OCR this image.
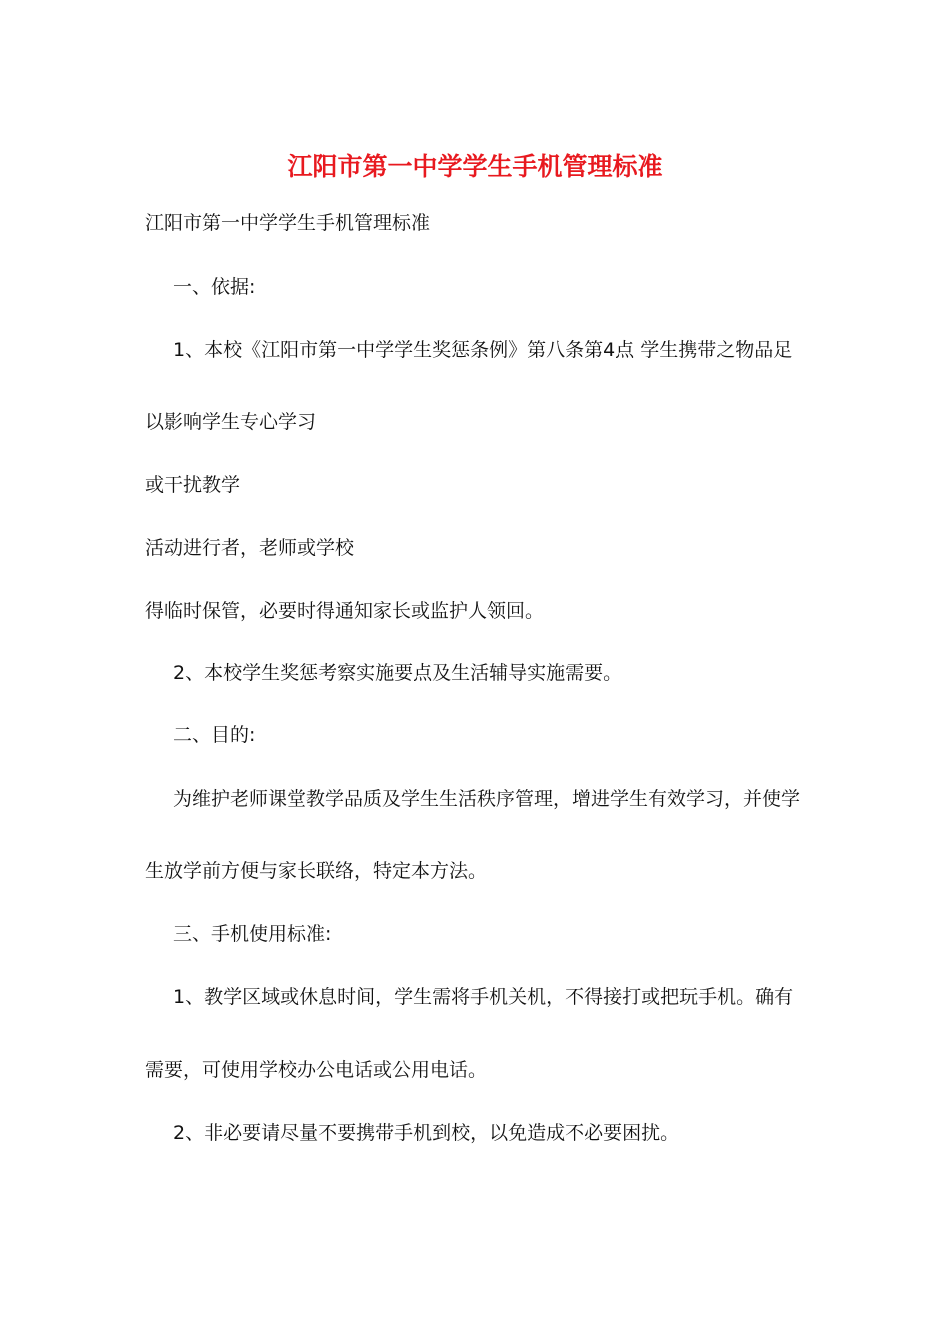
江阳市第一中学学生手机管理标准
江阳市第一中学学生手机管理标准
一、依据:
1、本校《江阳市第一中学学生奖惩条例》第八条第4点 学生携带之物品足
以影响学生专心学习
或干扰教学
活动进行者，老师或学校
得临时保管，必要时得通知家长或监护人领回。
2、本校学生奖惩考察实施要点及生活辅导实施需要。
二、目的:
为维护老师课堂教学品质及学生生活秩序管理，增进学生有效学习，并使学
生放学前方便与家长联络，特定本方法。
三、手机使用标准:
1、教学区域或休息时间，学生需将手机关机，不得接打或把玩手机。确有
需要，可使用学校办公电话或公用电话。
2、非必要请尽量不要携带手机到校，以免造成不必要困扰。
